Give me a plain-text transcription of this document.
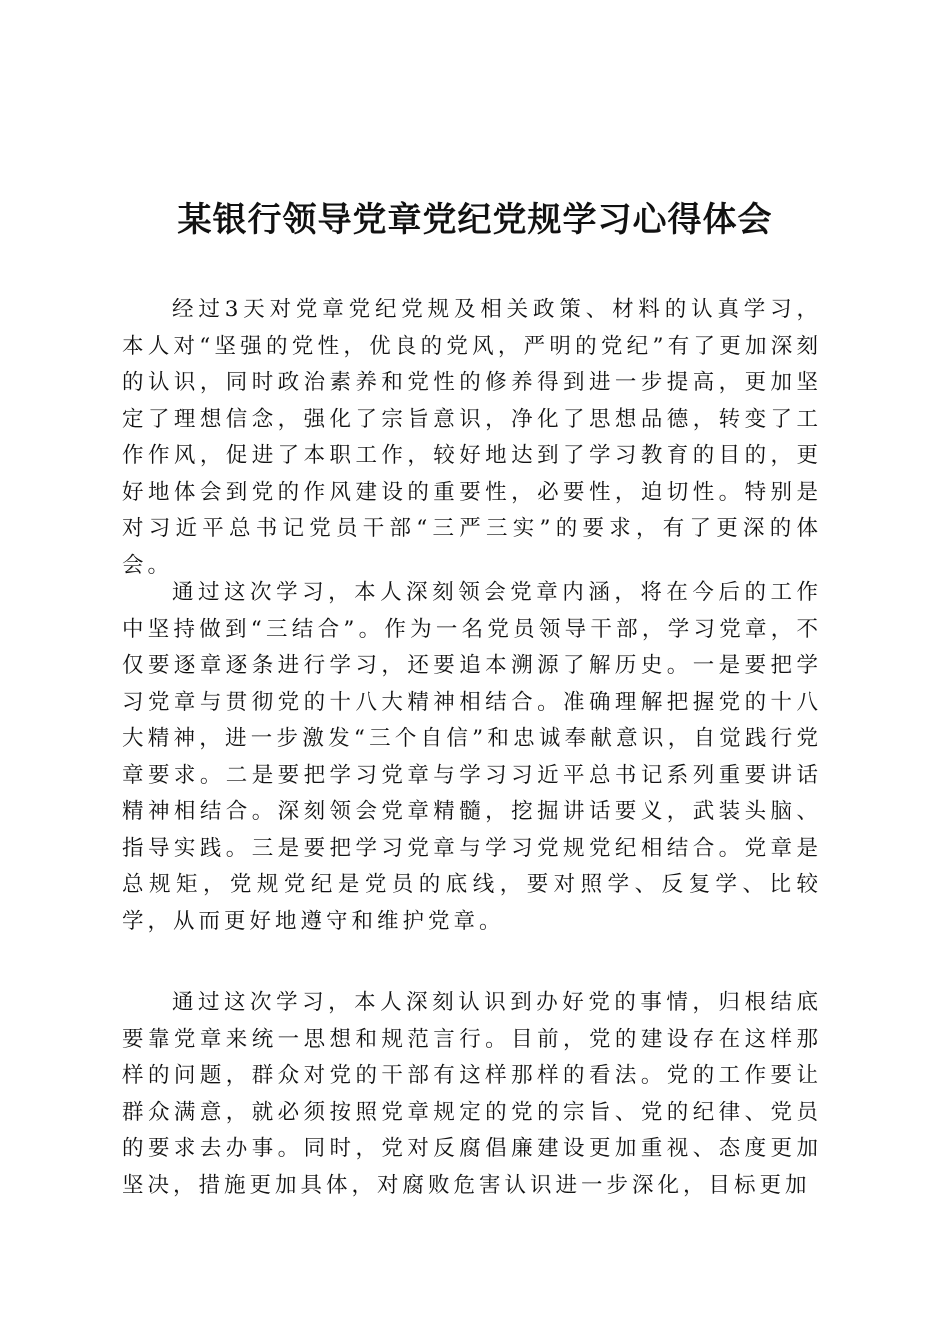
某银行领导党章党纪党规学习心得体会

经过3天对党章党纪党规及相关政策、材料的认真学习，本人对“坚强的党性，优良的党风，严明的党纪”有了更加深刻的认识，同时政治素养和党性的修养得到进一步提高，更加坚定了理想信念，强化了宗旨意识，净化了思想品德，转变了工作作风，促进了本职工作，较好地达到了学习教育的目的，更好地体会到党的作风建设的重要性，必要性，迫切性。特别是对习近平总书记党员干部“三严三实”的要求，有了更深的体会。

通过这次学习，本人深刻领会党章内涵，将在今后的工作中坚持做到“三结合”。作为一名党员领导干部，学习党章，不仅要逐章逐条进行学习，还要追本溯源了解历史。一是要把学习党章与贯彻党的十八大精神相结合。准确理解把握党的十八大精神，进一步激发“三个自信”和忠诚奉献意识，自觉践行党章要求。二是要把学习党章与学习习近平总书记系列重要讲话精神相结合。深刻领会党章精髓，挖掘讲话要义，武装头脑、指导实践。三是要把学习党章与学习党规党纪相结合。党章是总规矩，党规党纪是党员的底线，要对照学、反复学、比较学，从而更好地遵守和维护党章。

通过这次学习，本人深刻认识到办好党的事情，归根结底要靠党章来统一思想和规范言行。目前，党的建设存在这样那样的问题，群众对党的干部有这样那样的看法。党的工作要让群众满意，就必须按照党章规定的党的宗旨、党的纪律、党员的要求去办事。同时，党对反腐倡廉建设更加重视、态度更加坚决，措施更加具体，对腐败危害认识进一步深化，目标更加
